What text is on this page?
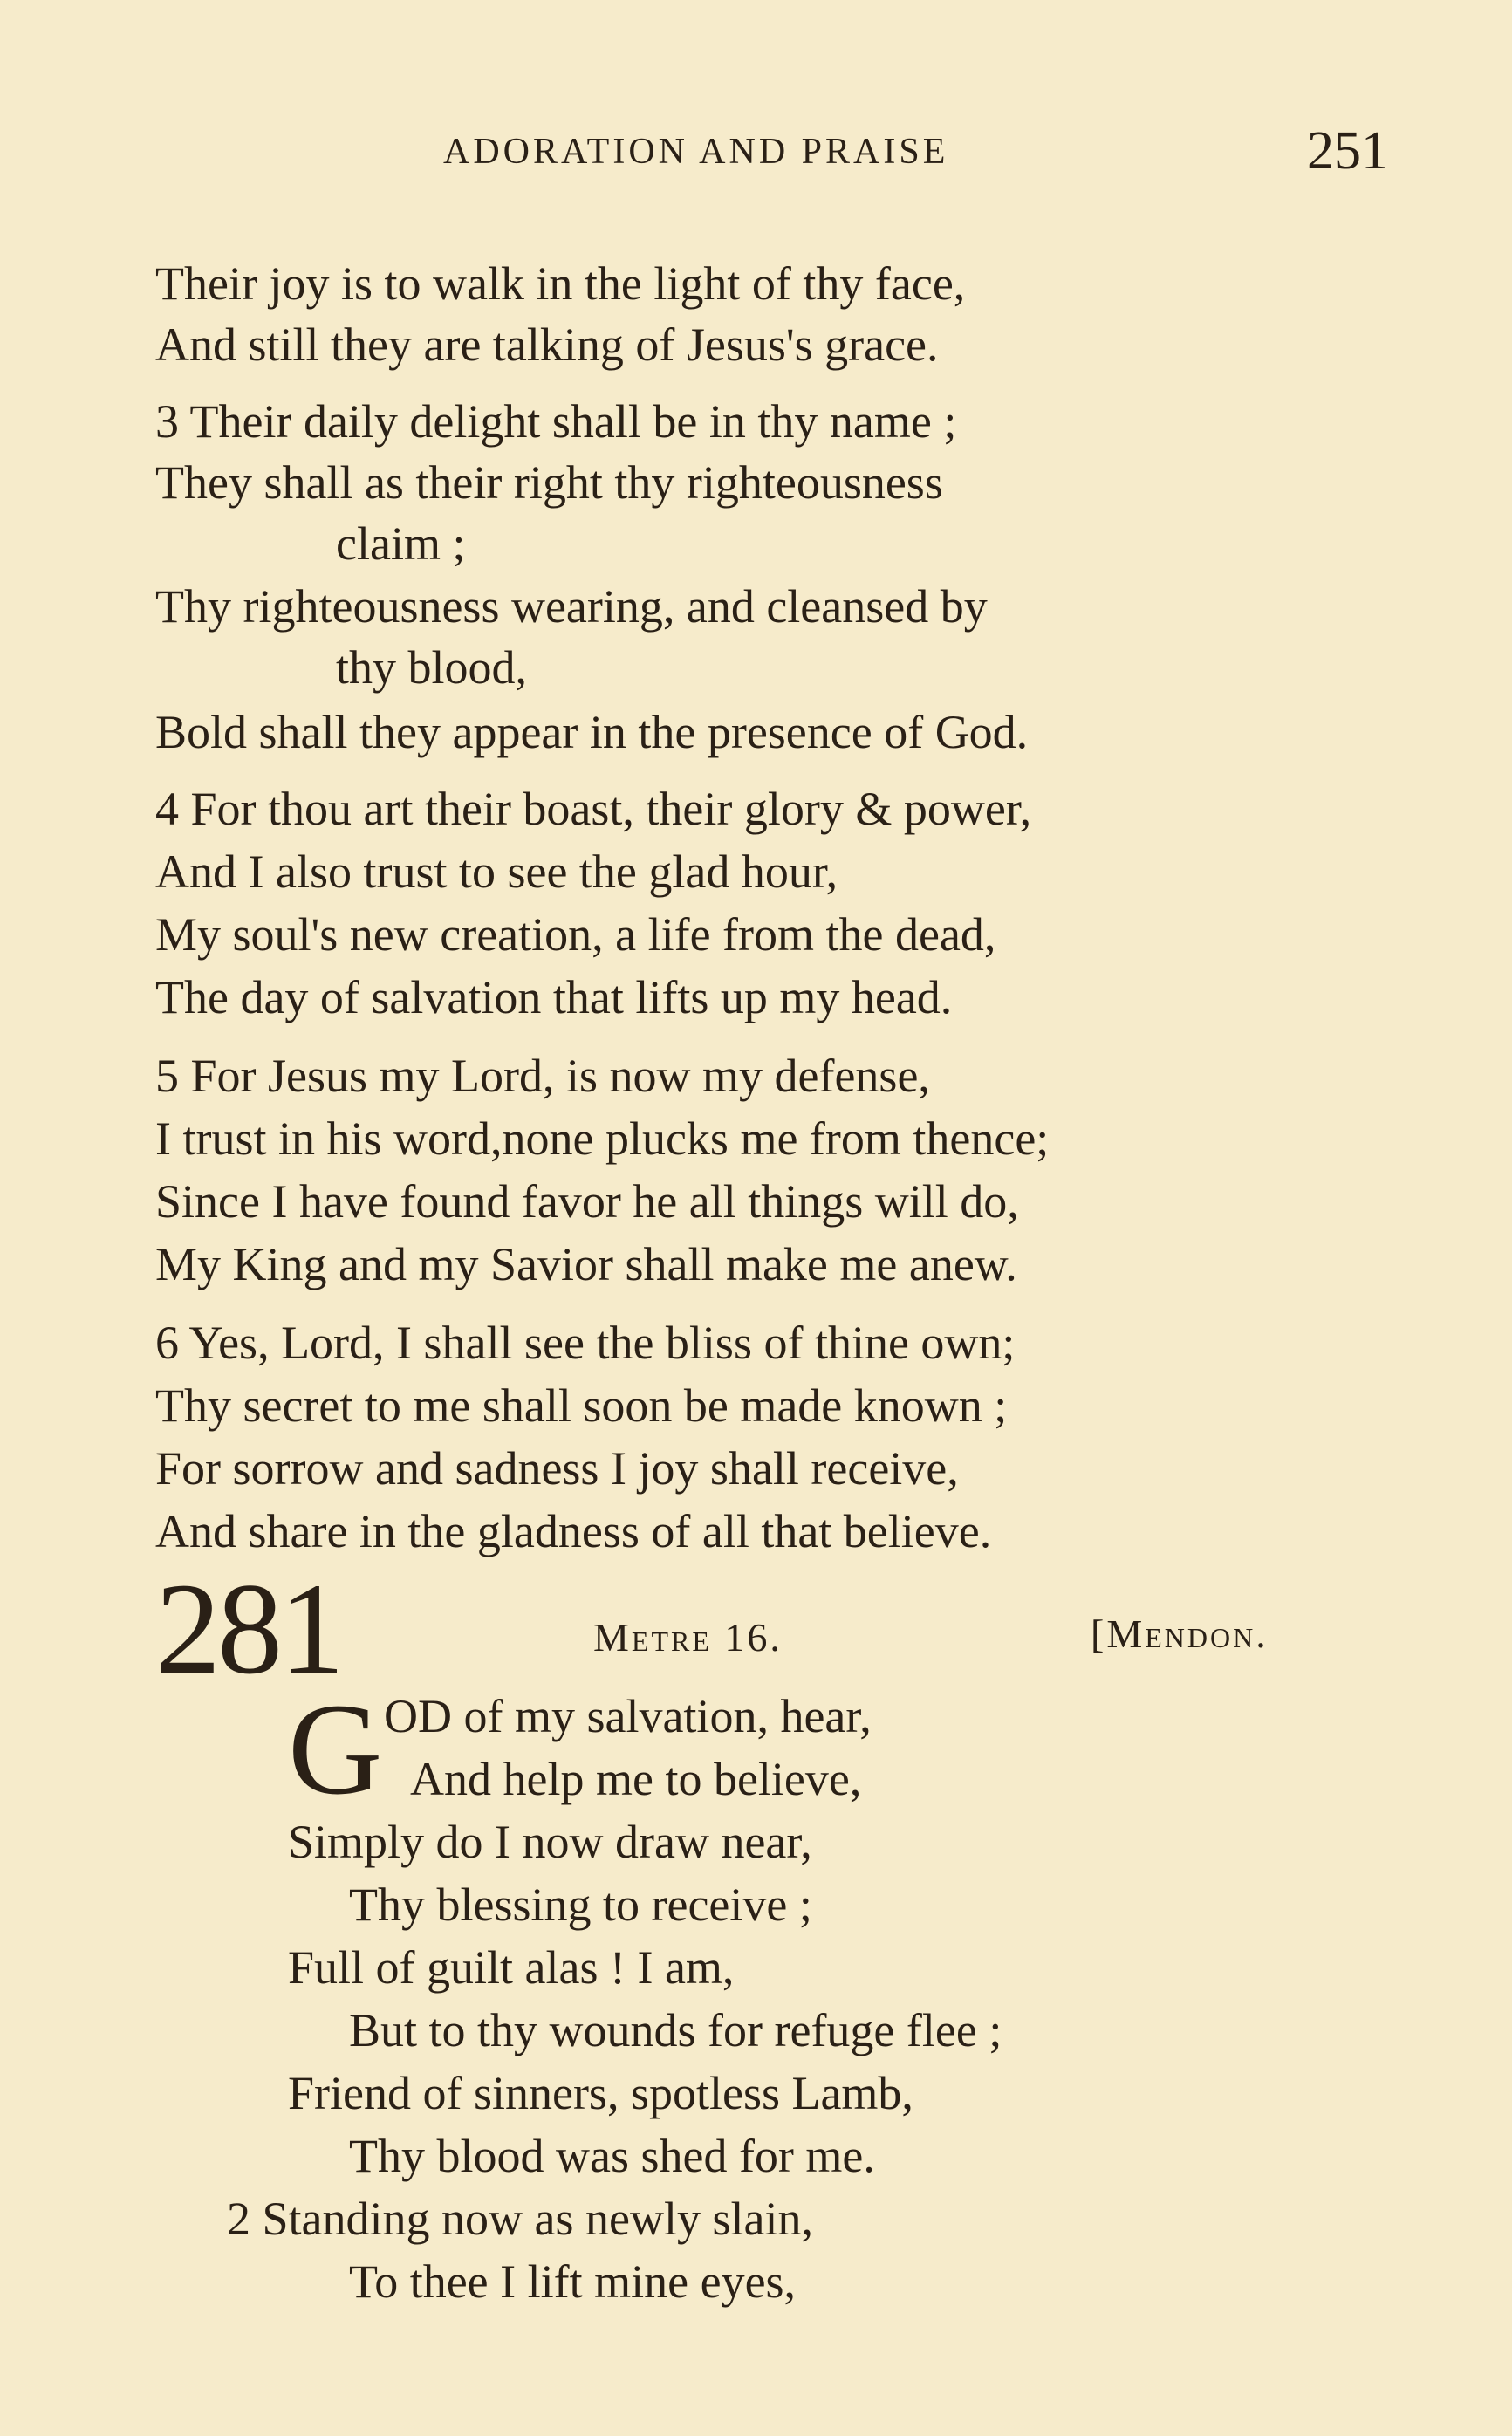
ADORATION AND PRAISE	251
Their joy is to walk in the light of thy face,
And still they are talking of Jesus's grace.
3 Their daily delight shall be in thy name ;
They shall as their right thy righteousness
claim ;
Thy righteousness wearing, and cleansed by
thy blood,
Bold shall they appear in the presence of God.
4 For thou art their boast, their glory & power,
And I also trust to see the glad hour,
My soul's new creation, a life from the dead,
The day of salvation that lifts up my head.
5 For Jesus my Lord, is now my defense,
I trust in his word,none plucks me from thence;
Since I have found favor he all things will do,
My King and my Savior shall make me anew.
6 Yes, Lord, I shall see the bliss of thine own;
Thy secret to me shall soon be made known ;
For sorrow and sadness I joy shall receive,
And share in the gladness of all that believe.
281	Metre 16.	[Mendon.
G OD of my salvation, hear,
And help me to believe,
Simply do I now draw near,
Thy blessing to receive ;
Full of guilt alas ! I am,
But to thy wounds for refuge flee ;
Friend of sinners, spotless Lamb,
Thy blood was shed for me.
2 Standing now as newly slain,
To thee I lift mine eyes,
